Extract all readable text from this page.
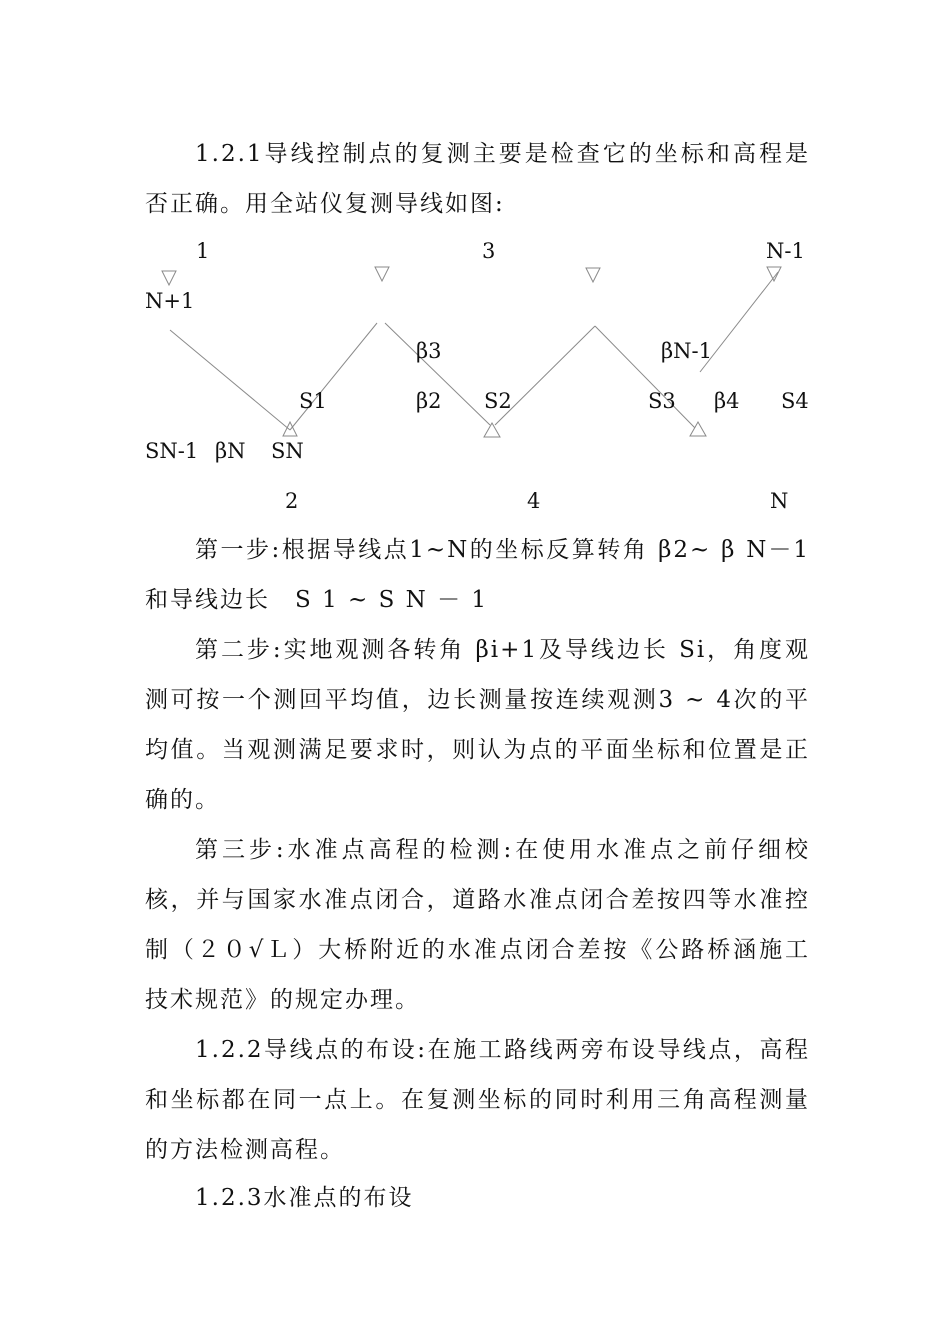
1.2.1导线控制点的复测主要是检查它的坐标和高程是否正确。用全站仪复测导线如图:

1	3	N-1
N+1
β3	βN-1
S1	β2 S2	S3 β4 S4
SN-1 βN SN
2	4	N

第一步:根据导线点1~N的坐标反算转角 β2~ β N－1和导线边长　S 1 ~ S N － 1

第二步:实地观测各转角 βi+1及导线边长 Si，角度观测可按一个测回平均值，边长测量按连续观测3 ~ 4次的平均值。当观测满足要求时，则认为点的平面坐标和位置是正确的。

第三步:水准点高程的检测:在使用水准点之前仔细校核，并与国家水准点闭合，道路水准点闭合差按四等水准控制（２０√Ｌ）大桥附近的水准点闭合差按《公路桥涵施工技术规范》的规定办理。

1.2.2导线点的布设:在施工路线两旁布设导线点，高程和坐标都在同一点上。在复测坐标的同时利用三角高程测量的方法检测高程。

1.2.3水准点的布设
